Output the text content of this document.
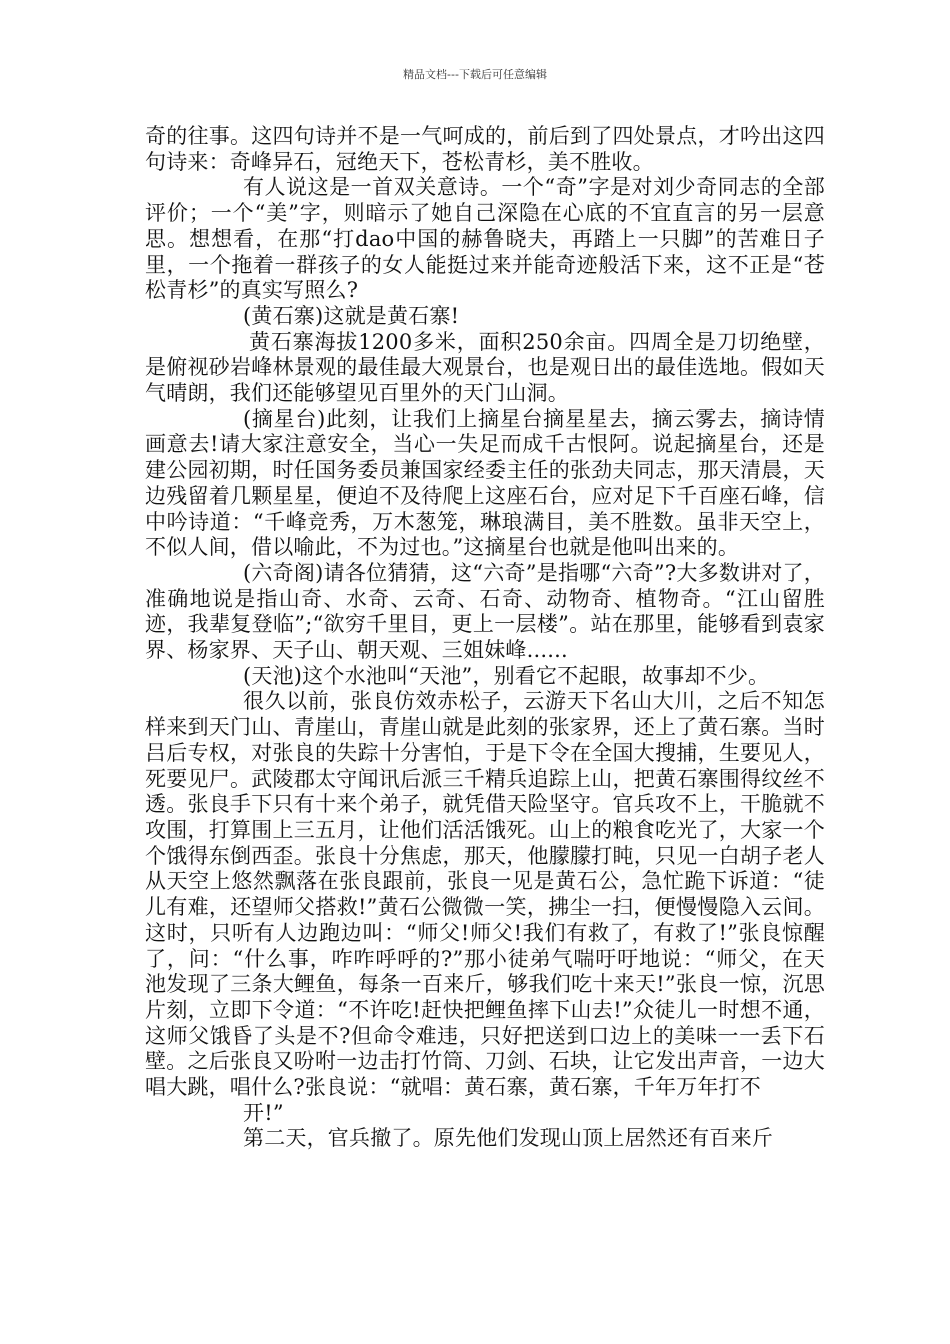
精品文档---下载后可任意编辑

奇的往事。这四句诗并不是一气呵成的，前后到了四处景点，才吟出这四句诗来：奇峰异石，冠绝天下，苍松青杉，美不胜收。

有人说这是一首双关意诗。一个“奇”字是对刘少奇同志的全部评价；一个“美”字，则暗示了她自己深隐在心底的不宜直言的另一层意思。想想看，在那“打dao中国的赫鲁晓夫，再踏上一只脚”的苦难日子里，一个拖着一群孩子的女人能挺过来并能奇迹般活下来，这不正是“苍松青杉”的真实写照么?

(黄石寨)这就是黄石寨!

黄石寨海拔1200多米，面积250余亩。四周全是刀切绝壁，是俯视砂岩峰林景观的最佳最大观景台，也是观日出的最佳选地。假如天气晴朗，我们还能够望见百里外的天门山洞。

(摘星台)此刻，让我们上摘星台摘星星去，摘云雾去，摘诗情画意去!请大家注意安全，当心一失足而成千古恨阿。说起摘星台，还是建公园初期，时任国务委员兼国家经委主任的张劲夫同志，那天清晨，天边残留着几颗星星，便迫不及待爬上这座石台，应对足下千百座石峰，信中吟诗道：“千峰竞秀，万木葱笼，琳琅满目，美不胜数。虽非天空上，不似人间，借以喻此，不为过也。”这摘星台也就是他叫出来的。

(六奇阁)请各位猜猜，这“六奇”是指哪“六奇”?大多数讲对了，准确地说是指山奇、水奇、云奇、石奇、动物奇、植物奇。“江山留胜迹，我辈复登临”;“欲穷千里目，更上一层楼”。站在那里，能够看到袁家界、杨家界、天子山、朝天观、三姐妹峰......

(天池)这个水池叫“天池”，别看它不起眼，故事却不少。

很久以前，张良仿效赤松子，云游天下名山大川，之后不知怎样来到天门山、青崖山，青崖山就是此刻的张家界，还上了黄石寨。当时吕后专权，对张良的失踪十分害怕，于是下令在全国大搜捕，生要见人，死要见尸。武陵郡太守闻讯后派三千精兵追踪上山，把黄石寨围得纹丝不透。张良手下只有十来个弟子，就凭借天险坚守。官兵攻不上，干脆就不攻围，打算围上三五月，让他们活活饿死。山上的粮食吃光了，大家一个个饿得东倒西歪。张良十分焦虑，那天，他朦朦打盹，只见一白胡子老人从天空上悠然飘落在张良跟前，张良一见是黄石公，急忙跪下诉道：“徒儿有难，还望师父搭救!”黄石公微微一笑，拂尘一扫，便慢慢隐入云间。这时，只听有人边跑边叫：“师父!师父!我们有救了，有救了!”张良惊醒了，问：“什么事，咋咋呼呼的?”那小徒弟气喘吁吁地说：“师父，在天池发现了三条大鲤鱼，每条一百来斤，够我们吃十来天!”张良一惊，沉思片刻，立即下令道：“不许吃!赶快把鲤鱼摔下山去!”众徒儿一时想不通，这师父饿昏了头是不?但命令难违，只好把送到口边上的美味一一丢下石壁。之后张良又吩咐一边击打竹筒、刀剑、石块，让它发出声音，一边大唱大跳，唱什么?张良说：“就唱：黄石寨，黄石寨，千年万年打不

开!”

第二天，官兵撤了。原先他们发现山顶上居然还有百来斤
